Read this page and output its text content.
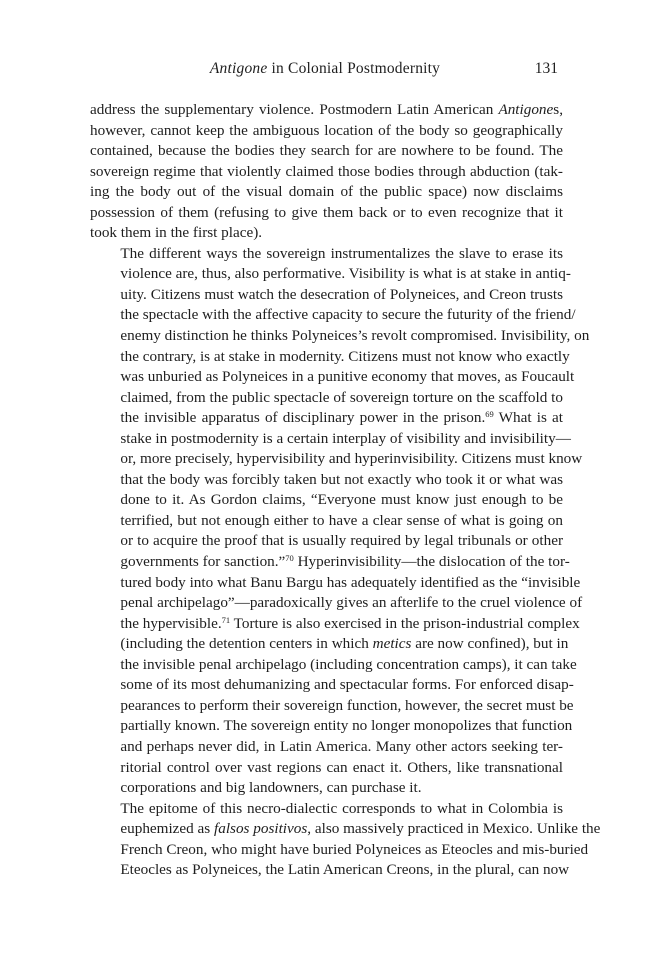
Antigone in Colonial Postmodernity	131

address the supplementary violence. Postmodern Latin American Antigones,
however, cannot keep the ambiguous location of the body so geographically
contained, because the bodies they search for are nowhere to be found. The
sovereign regime that violently claimed those bodies through abduction (tak-
ing the body out of the visual domain of the public space) now disclaims
possession of them (refusing to give them back or to even recognize that it
took them in the first place).

The different ways the sovereign instrumentalizes the slave to erase its
violence are, thus, also performative. Visibility is what is at stake in antiq-
uity. Citizens must watch the desecration of Polyneices, and Creon trusts
the spectacle with the affective capacity to secure the futurity of the friend/
enemy distinction he thinks Polyneices’s revolt compromised. Invisibility, on
the contrary, is at stake in modernity. Citizens must not know who exactly
was unburied as Polyneices in a punitive economy that moves, as Foucault
claimed, from the public spectacle of sovereign torture on the scaffold to
the invisible apparatus of disciplinary power in the prison.$^{69}$ What is at
stake in postmodernity is a certain interplay of visibility and invisibility—
or, more precisely, hypervisibility and hyperinvisibility. Citizens must know
that the body was forcibly taken but not exactly who took it or what was
done to it. As Gordon claims, “Everyone must know just enough to be
terrified, but not enough either to have a clear sense of what is going on
or to acquire the proof that is usually required by legal tribunals or other
governments for sanction.”$^{70}$ Hyperinvisibility—the dislocation of the tor-
tured body into what Banu Bargu has adequately identified as the “invisible
penal archipelago”—paradoxically gives an afterlife to the cruel violence of
the hypervisible.$^{71}$ Torture is also exercised in the prison-industrial complex
(including the detention centers in which metics are now confined), but in
the invisible penal archipelago (including concentration camps), it can take
some of its most dehumanizing and spectacular forms. For enforced disap-
pearances to perform their sovereign function, however, the secret must be
partially known. The sovereign entity no longer monopolizes that function
and perhaps never did, in Latin America. Many other actors seeking ter-
ritorial control over vast regions can enact it. Others, like transnational
corporations and big landowners, can purchase it.

The epitome of this necro-dialectic corresponds to what in Colombia is
euphemized as falsos positivos, also massively practiced in Mexico. Unlike the
French Creon, who might have buried Polyneices as Eteocles and mis-buried
Eteocles as Polyneices, the Latin American Creons, in the plural, can now
